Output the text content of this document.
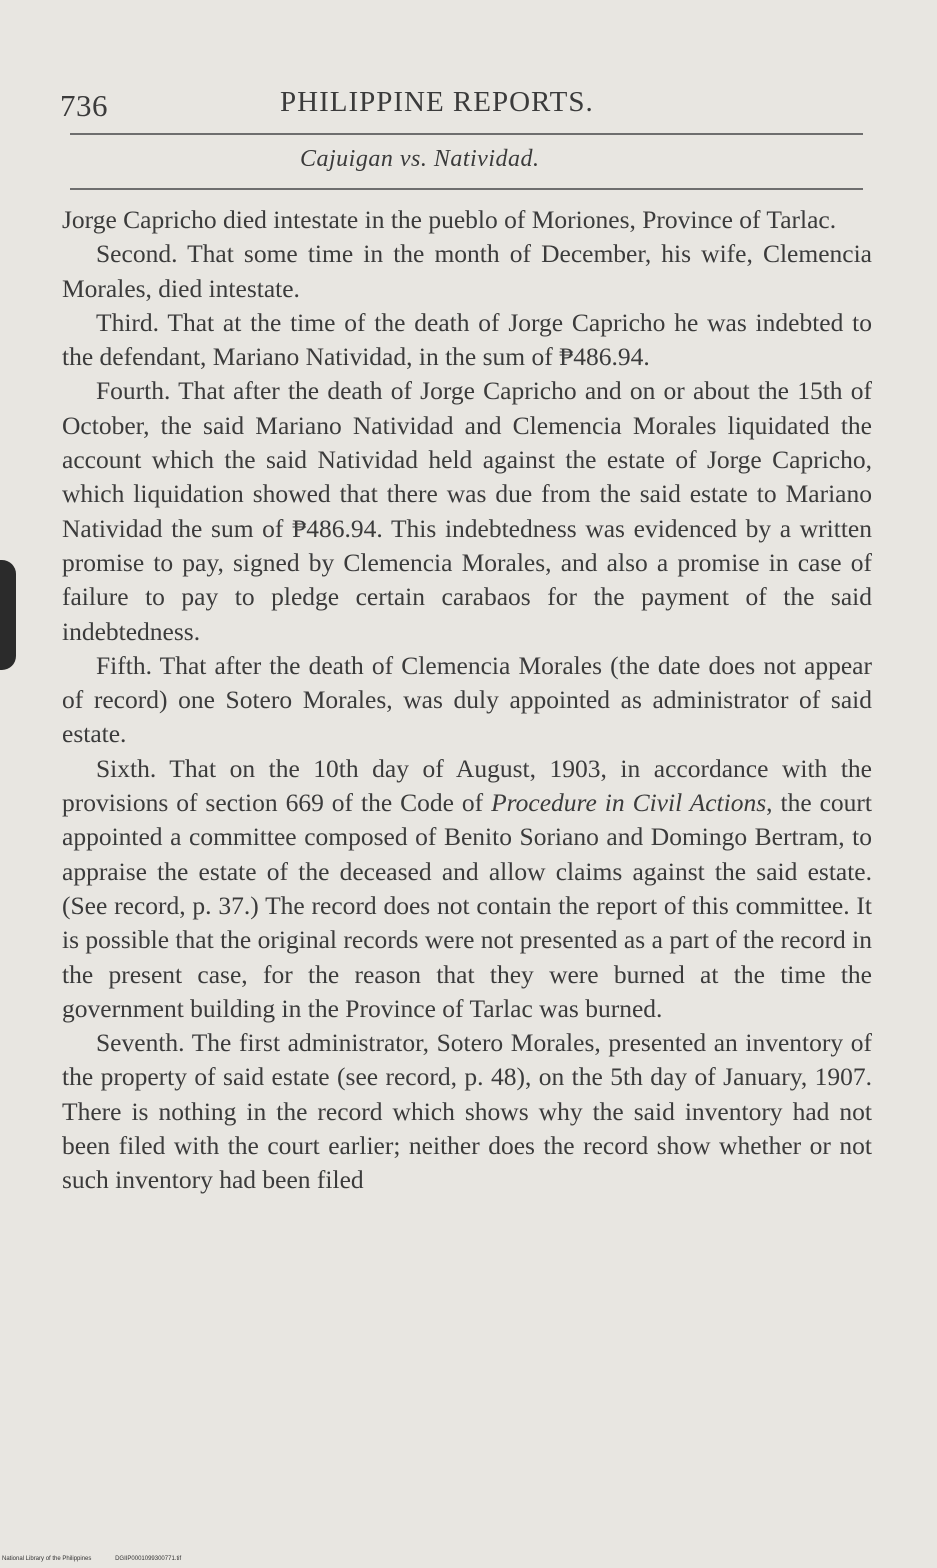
736	PHILIPPINE REPORTS.
Cajuigan vs. Natividad.

Jorge Capricho died intestate in the pueblo of Moriones, Province of Tarlac.

Second. That some time in the month of December, his wife, Clemencia Morales, died intestate.

Third. That at the time of the death of Jorge Capricho he was indebted to the defendant, Mariano Natividad, in the sum of ₱486.94.

Fourth. That after the death of Jorge Capricho and on or about the 15th of October, the said Mariano Natividad and Clemencia Morales liquidated the account which the said Natividad held against the estate of Jorge Capricho, which liquidation showed that there was due from the said estate to Mariano Natividad the sum of ₱486.94. This indebtedness was evidenced by a written promise to pay, signed by Clemencia Morales, and also a promise in case of failure to pay to pledge certain carabaos for the payment of the said indebtedness.

Fifth. That after the death of Clemencia Morales (the date does not appear of record) one Sotero Morales, was duly appointed as administrator of said estate.

Sixth. That on the 10th day of August, 1903, in accordance with the provisions of section 669 of the Code of Procedure in Civil Actions, the court appointed a committee composed of Benito Soriano and Domingo Bertram, to appraise the estate of the deceased and allow claims against the said estate. (See record, p. 37.) The record does not contain the report of this committee. It is possible that the original records were not presented as a part of the record in the present case, for the reason that they were burned at the time the government building in the Province of Tarlac was burned.

Seventh. The first administrator, Sotero Morales, presented an inventory of the property of said estate (see record, p. 48), on the 5th day of January, 1907. There is nothing in the record which shows why the said inventory had not been filed with the court earlier; neither does the record show whether or not such inventory had been filed

National Library of the Philippines	DGIIP0001099300771.tif
